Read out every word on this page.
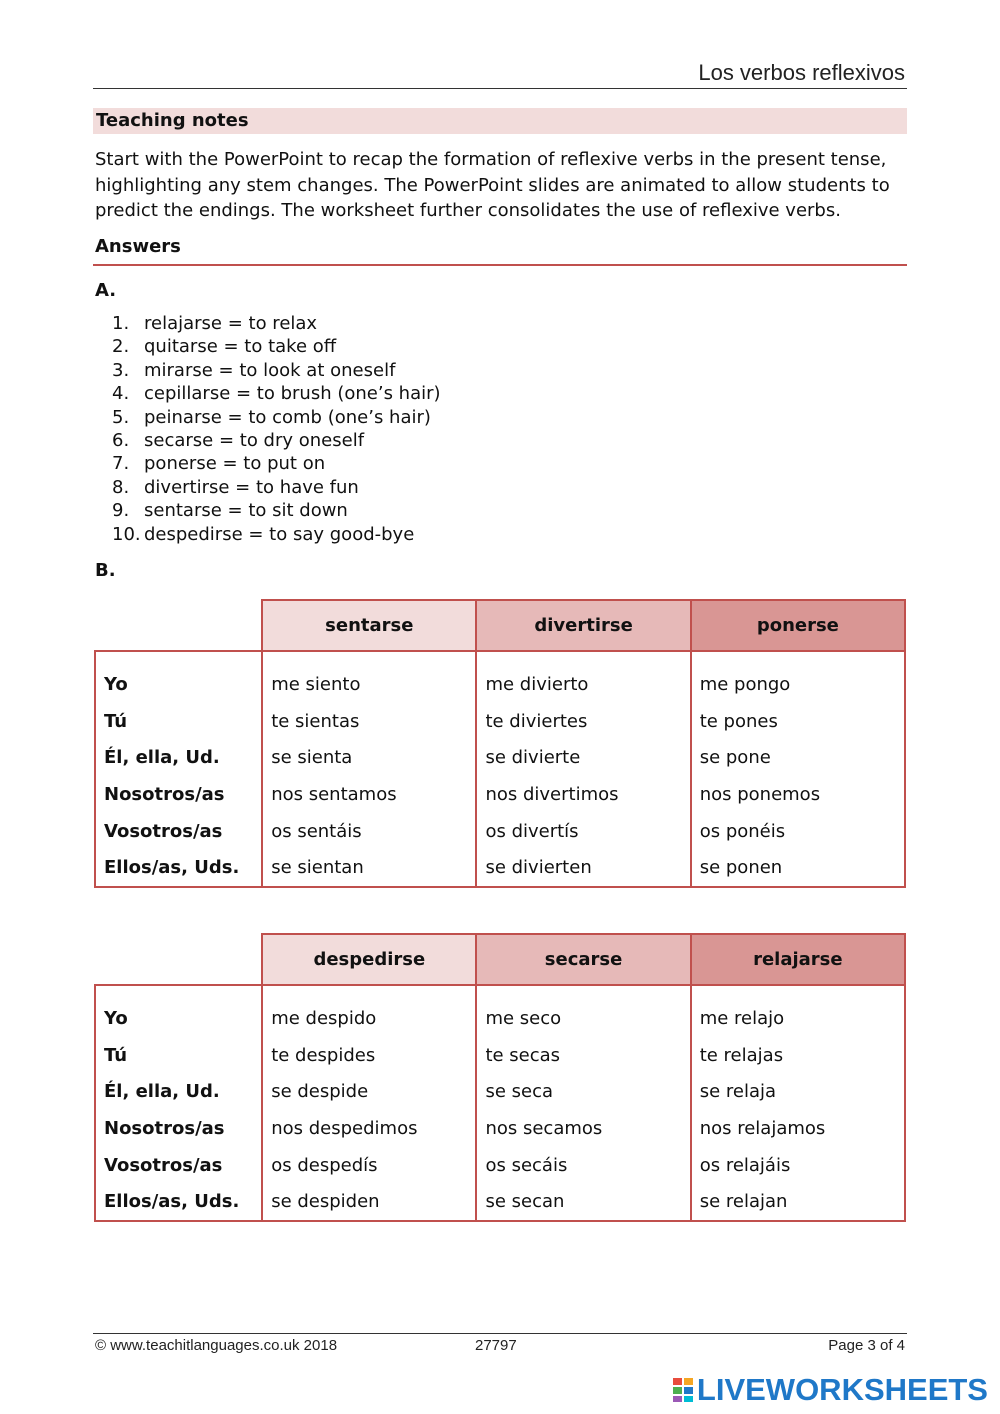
Los verbos reflexivos
Teaching notes
Start with the PowerPoint to recap the formation of reflexive verbs in the present tense, highlighting any stem changes. The PowerPoint slides are animated to allow students to predict the endings. The worksheet further consolidates the use of reflexive verbs.
Answers
A.
1. relajarse = to relax
2. quitarse = to take off
3. mirarse = to look at oneself
4. cepillarse = to brush (one’s hair)
5. peinarse = to comb (one’s hair)
6. secarse = to dry oneself
7. ponerse = to put on
8. divertirse = to have fun
9. sentarse = to sit down
10. despedirse = to say good-bye
B.
	sentarse	divertirse	ponerse

Yo	me siento	me divierto	me pongo
Tú	te sientas	te diviertes	te pones
Él, ella, Ud.	se sienta	se divierte	se pone
Nosotros/as	nos sentamos	nos divertimos	nos ponemos
Vosotros/as	os sentáis	os divertís	os ponéis
Ellos/as, Uds.	se sientan	se divierten	se ponen
	despedirse	secarse	relajarse

Yo	me despido	me seco	me relajo
Tú	te despides	te secas	te relajas
Él, ella, Ud.	se despide	se seca	se relaja
Nosotros/as	nos despedimos	nos secamos	nos relajamos
Vosotros/as	os despedís	os secáis	os relajáis
Ellos/as, Uds.	se despiden	se secan	se relajan
© www.teachitlanguages.co.uk 2018	27797	Page 3 of 4
LIVEWORKSHEETS
